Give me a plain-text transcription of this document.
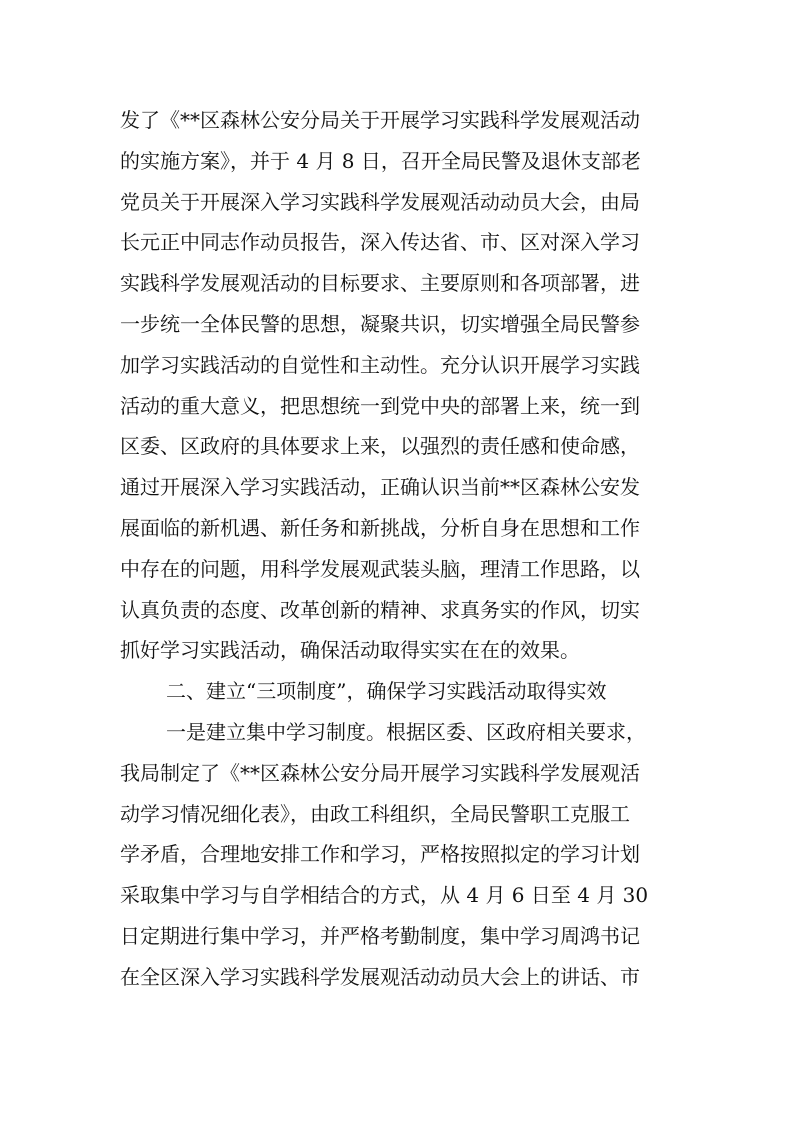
发了《**区森林公安分局关于开展学习实践科学发展观活动
的实施方案》，并于 4 月 8 日，召开全局民警及退休支部老
党员关于开展深入学习实践科学发展观活动动员大会，由局
长元正中同志作动员报告，深入传达省、市、区对深入学习
实践科学发展观活动的目标要求、主要原则和各项部署，进
一步统一全体民警的思想，凝聚共识，切实增强全局民警参
加学习实践活动的自觉性和主动性。充分认识开展学习实践
活动的重大意义，把思想统一到党中央的部署上来，统一到
区委、区政府的具体要求上来，以强烈的责任感和使命感，
通过开展深入学习实践活动，正确认识当前**区森林公安发
展面临的新机遇、新任务和新挑战，分析自身在思想和工作
中存在的问题，用科学发展观武装头脑，理清工作思路，以
认真负责的态度、改革创新的精神、求真务实的作风，切实
抓好学习实践活动，确保活动取得实实在在的效果。
二、建立“三项制度”，确保学习实践活动取得实效
一是建立集中学习制度。根据区委、区政府相关要求，
我局制定了《**区森林公安分局开展学习实践科学发展观活
动学习情况细化表》，由政工科组织，全局民警职工克服工
学矛盾，合理地安排工作和学习，严格按照拟定的学习计划
采取集中学习与自学相结合的方式，从 4 月 6 日至 4 月 30
日定期进行集中学习，并严格考勤制度，集中学习周鸿书记
在全区深入学习实践科学发展观活动动员大会上的讲话、市
